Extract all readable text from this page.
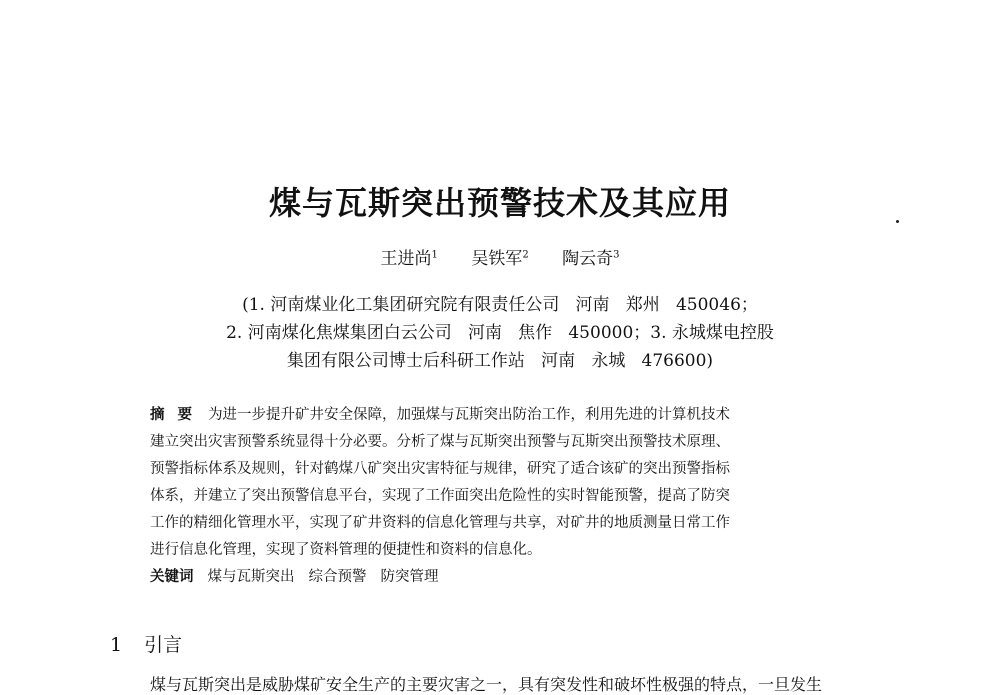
煤与瓦斯突出预警技术及其应用
王进尚$^1$ 吴铁军$^2$ 陶云奇$^3$
(1. 河南煤业化工集团研究院有限责任公司   河南   郑州   450046；
2. 河南煤化焦煤集团白云公司   河南   焦作   450000；3. 永城煤电控股
集团有限公司博士后科研工作站   河南   永城   476600)
摘 要 为进一步提升矿井安全保障，加强煤与瓦斯突出防治工作，利用先进的计算机技术
建立突出灾害预警系统显得十分必要。分析了煤与瓦斯突出预警与瓦斯突出预警技术原理、
预警指标体系及规则，针对鹤煤八矿突出灾害特征与规律，研究了适合该矿的突出预警指标
体系，并建立了突出预警信息平台，实现了工作面突出危险性的实时智能预警，提高了防突
工作的精细化管理水平，实现了矿井资料的信息化管理与共享，对矿井的地质测量日常工作
进行信息化管理，实现了资料管理的便捷性和资料的信息化。
关键词 煤与瓦斯突出 综合预警 防突管理
1 引言
煤与瓦斯突出是威胁煤矿安全生产的主要灾害之一，具有突发性和破坏性极强的特点，一旦发生
